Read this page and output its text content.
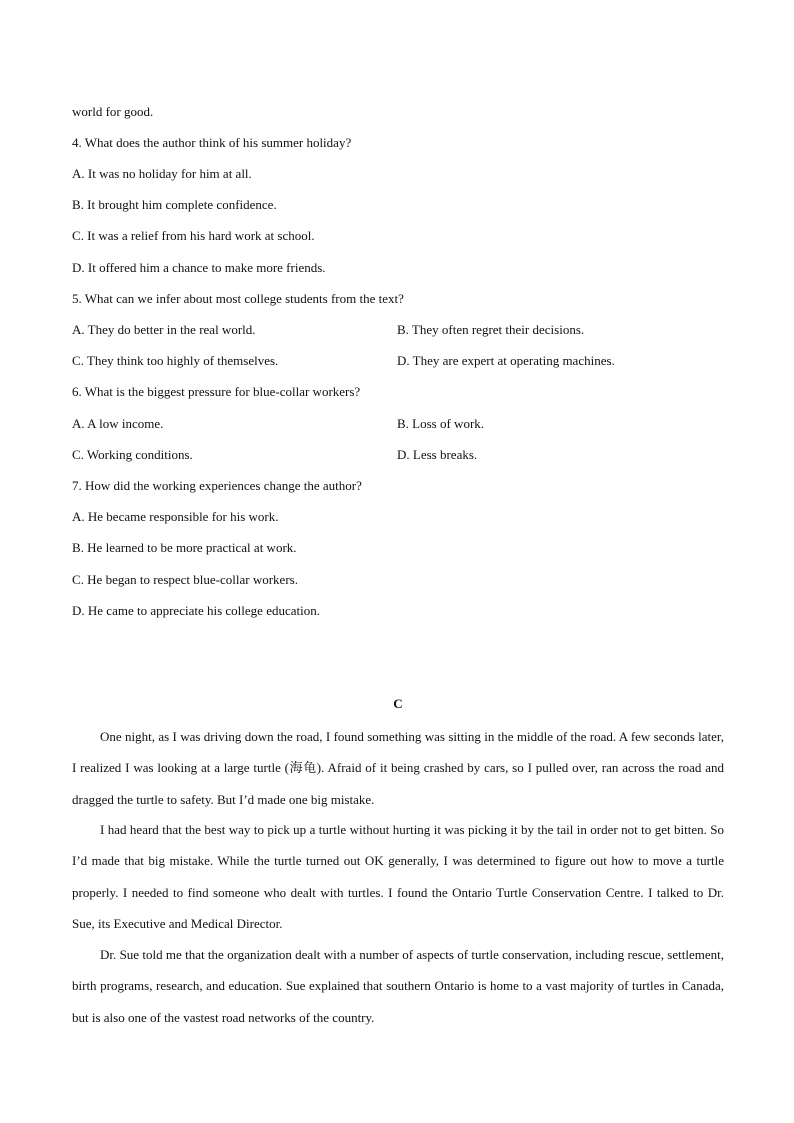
world for good.
4. What does the author think of his summer holiday?
A. It was no holiday for him at all.
B. It brought him complete confidence.
C. It was a relief from his hard work at school.
D. It offered him a chance to make more friends.
5. What can we infer about most college students from the text?
A. They do better in the real world.	B. They often regret their decisions.
C. They think too highly of themselves.	D. They are expert at operating machines.
6. What is the biggest pressure for blue-collar workers?
A. A low income.	B. Loss of work.
C. Working conditions.	D. Less breaks.
7. How did the working experiences change the author?
A. He became responsible for his work.
B. He learned to be more practical at work.
C. He began to respect blue-collar workers.
D. He came to appreciate his college education.
C
One night, as I was driving down the road, I found something was sitting in the middle of the road. A few seconds later, I realized I was looking at a large turtle (海龟). Afraid of it being crashed by cars, so I pulled over, ran across the road and dragged the turtle to safety. But I’d made one big mistake.
I had heard that the best way to pick up a turtle without hurting it was picking it by the tail in order not to get bitten. So I’d made that big mistake. While the turtle turned out OK generally, I was determined to figure out how to move a turtle properly. I needed to find someone who dealt with turtles. I found the Ontario Turtle Conservation Centre. I talked to Dr. Sue, its Executive and Medical Director.
Dr. Sue told me that the organization dealt with a number of aspects of turtle conservation, including rescue, settlement, birth programs, research, and education. Sue explained that southern Ontario is home to a vast majority of turtles in Canada, but is also one of the vastest road networks of the country.
